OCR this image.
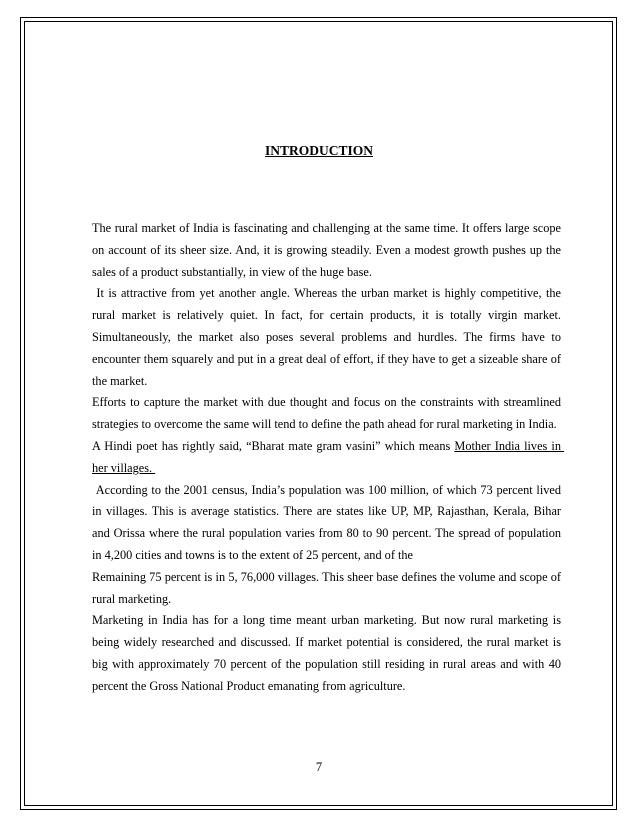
INTRODUCTION

The rural market of India is fascinating and challenging at the same time. It offers large scope on account of its sheer size. And, it is growing steadily. Even a modest growth pushes up the sales of a product substantially, in view of the huge base.

It is attractive from yet another angle. Whereas the urban market is highly competitive, the rural market is relatively quiet. In fact, for certain products, it is totally virgin market. Simultaneously, the market also poses several problems and hurdles. The firms have to encounter them squarely and put in a great deal of effort, if they have to get a sizeable share of the market.

Efforts to capture the market with due thought and focus on the constraints with streamlined strategies to overcome the same will tend to define the path ahead for rural marketing in India.

A Hindi poet has rightly said, “Bharat mate gram vasini” which means Mother India lives in her villages.

According to the 2001 census, India’s population was 100 million, of which 73 percent lived in villages. This is average statistics. There are states like UP, MP, Rajasthan, Kerala, Bihar and Orissa where the rural population varies from 80 to 90 percent. The spread of population in 4,200 cities and towns is to the extent of 25 percent, and of the

Remaining 75 percent is in 5, 76,000 villages. This sheer base defines the volume and scope of rural marketing.

Marketing in India has for a long time meant urban marketing. But now rural marketing is being widely researched and discussed. If market potential is considered, the rural market is big with approximately 70 percent of the population still residing in rural areas and with 40 percent the Gross National Product emanating from agriculture.

7
